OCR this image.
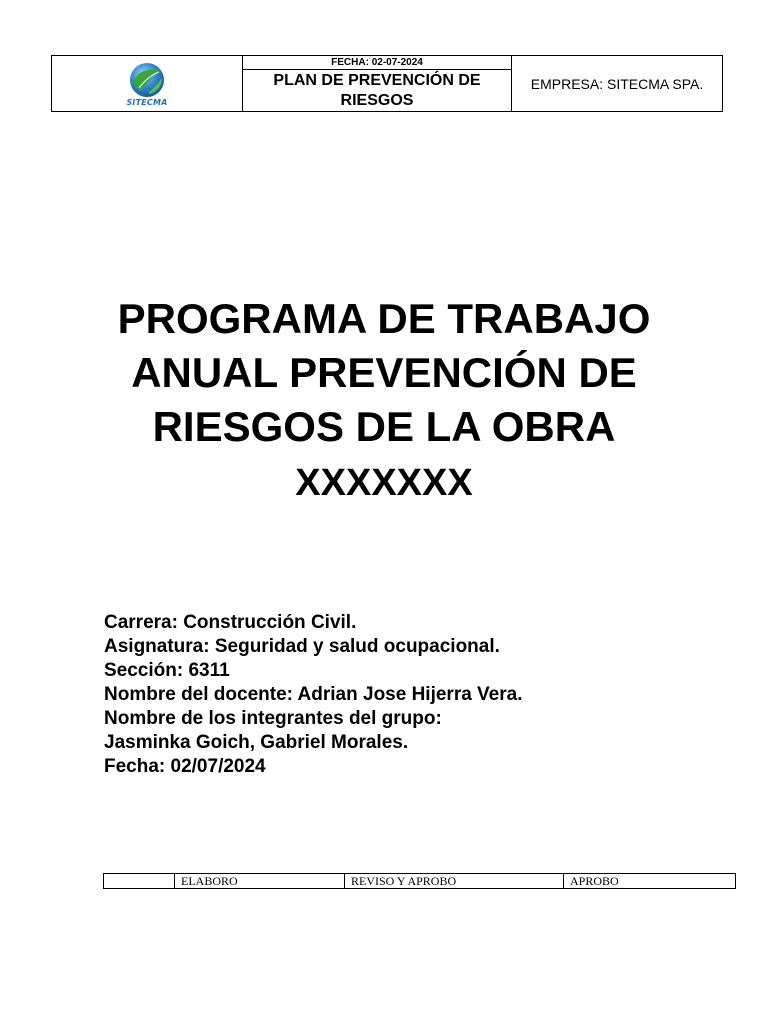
SITECMA

FECHA: 02-07-2024
PLAN DE PREVENCIÓN DE RIESGOS
	EMPRESA: SITECMA SPA.
PROGRAMA DE TRABAJO ANUAL PREVENCIÓN DE RIESGOS DE LA OBRA
XXXXXXX
Carrera: Construcción Civil.
Asignatura: Seguridad y salud ocupacional.
Sección: 6311
Nombre del docente: Adrian Jose Hijerra Vera.
Nombre de los integrantes del grupo:
Jasminka Goich, Gabriel Morales.
Fecha: 02/07/2024
	ELABORO	REVISO Y APROBO	APROBO
